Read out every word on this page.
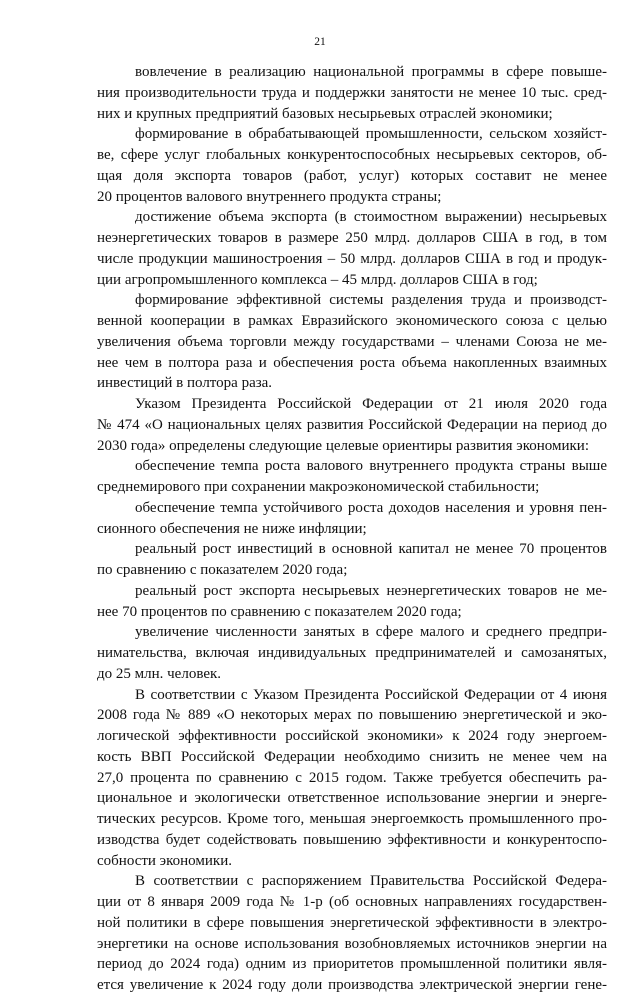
21
вовлечение в реализацию национальной программы в сфере повыше-
ния производительности труда и поддержки занятости не менее 10 тыс. сред-
них и крупных предприятий базовых несырьевых отраслей экономики;
формирование в обрабатывающей промышленности, сельском хозяйст-
ве, сфере услуг глобальных конкурентоспособных несырьевых секторов, об-
щая доля экспорта товаров (работ, услуг) которых составит не менее
20 процентов валового внутреннего продукта страны;
достижение объема экспорта (в стоимостном выражении) несырьевых
неэнергетических товаров в размере 250 млрд. долларов США в год, в том
числе продукции машиностроения – 50 млрд. долларов США в год и продук-
ции агропромышленного комплекса – 45 млрд. долларов США в год;
формирование эффективной системы разделения труда и производст-
венной кооперации в рамках Евразийского экономического союза с целью
увеличения объема торговли между государствами – членами Союза не ме-
нее чем в полтора раза и обеспечения роста объема накопленных взаимных
инвестиций в полтора раза.
Указом Президента Российской Федерации от 21 июля 2020 года
№ 474 «О национальных целях развития Российской Федерации на период до
2030 года» определены следующие целевые ориентиры развития экономики:
обеспечение темпа роста валового внутреннего продукта страны выше
среднемирового при сохранении макроэкономической стабильности;
обеспечение темпа устойчивого роста доходов населения и уровня пен-
сионного обеспечения не ниже инфляции;
реальный рост инвестиций в основной капитал не менее 70 процентов
по сравнению с показателем 2020 года;
реальный рост экспорта несырьевых неэнергетических товаров не ме-
нее 70 процентов по сравнению с показателем 2020 года;
увеличение численности занятых в сфере малого и среднего предпри-
нимательства, включая индивидуальных предпринимателей и самозанятых,
до 25 млн. человек.
В соответствии с Указом Президента Российской Федерации от 4 июня
2008 года № 889 «О некоторых мерах по повышению энергетической и эко-
логической эффективности российской экономики» к 2024 году энергоем-
кость ВВП Российской Федерации необходимо снизить не менее чем на
27,0 процента по сравнению с 2015 годом. Также требуется обеспечить ра-
циональное и экологически ответственное использование энергии и энерге-
тических ресурсов. Кроме того, меньшая энергоемкость промышленного про-
изводства будет содействовать повышению эффективности и конкурентоспо-
собности экономики.
В соответствии с распоряжением Правительства Российской Федера-
ции от 8 января 2009 года № 1-р (об основных направлениях государствен-
ной политики в сфере повышения энергетической эффективности в электро-
энергетики на основе использования возобновляемых источников энергии на
период до 2024 года) одним из приоритетов промышленной политики явля-
ется увеличение к 2024 году доли производства электрической энергии гене-
